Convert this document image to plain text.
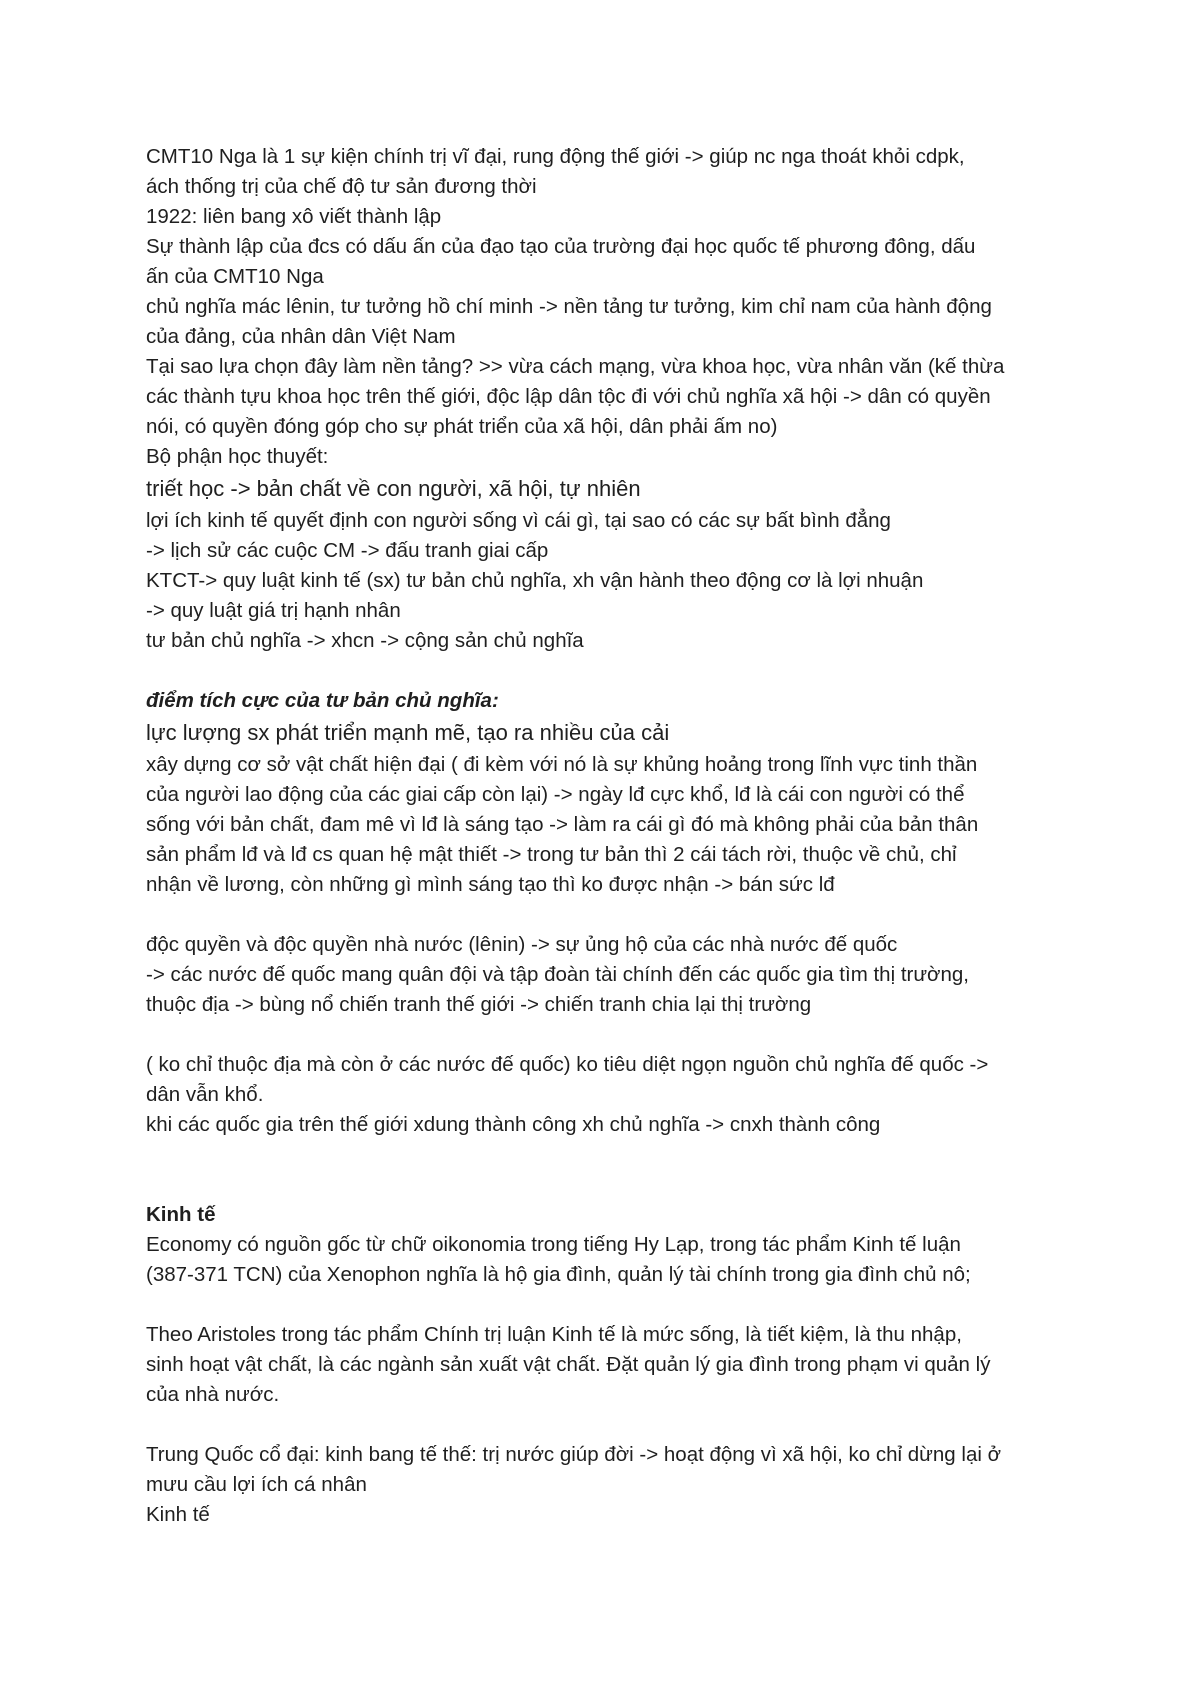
CMT10 Nga là 1 sự kiện chính trị vĩ đại, rung động thế giới -> giúp nc nga thoát khỏi cdpk,

ách thống trị của chế độ tư sản đương thời

1922: liên bang xô viết thành lập

Sự thành lập của đcs có dấu ấn của đạo tạo của trường đại học quốc tế phương đông, dấu

ấn của CMT10 Nga

chủ nghĩa mác lênin, tư tưởng hồ chí minh -> nền tảng tư tưởng, kim chỉ nam của hành động

của đảng, của nhân dân Việt Nam

Tại sao lựa chọn đây làm nền tảng? >> vừa cách mạng, vừa khoa học, vừa nhân văn (kế thừa

các thành tựu khoa học trên thế giới, độc lập dân tộc đi với chủ nghĩa xã hội -> dân có quyền

nói, có quyền đóng góp cho sự phát triển của xã hội, dân phải ấm no)

Bộ phận học thuyết:

triết học -> bản chất về con người, xã hội, tự nhiên

lợi ích kinh tế quyết định con người sống vì cái gì, tại sao có các sự bất bình đẳng

-> lịch sử các cuộc CM -> đấu tranh giai cấp

KTCT-> quy luật kinh tế (sx) tư bản chủ nghĩa, xh vận hành theo động cơ là lợi nhuận

-> quy luật giá trị hạnh nhân

tư bản chủ nghĩa -> xhcn -> cộng sản chủ nghĩa

điểm tích cực của tư bản chủ nghĩa:

lực lượng sx phát triển mạnh mẽ, tạo ra nhiều của cải

xây dựng cơ sở vật chất hiện đại ( đi kèm với nó là sự khủng hoảng trong lĩnh vực tinh thần

của người lao động của các giai cấp còn lại) -> ngày lđ cực khổ, lđ là cái con người có thể

sống với bản chất, đam mê vì lđ là sáng tạo -> làm ra cái gì đó mà không phải của bản thân

sản phẩm lđ và lđ cs quan hệ mật thiết -> trong tư bản thì 2 cái tách rời, thuộc về chủ, chỉ

nhận về lương, còn những gì mình sáng tạo thì ko được nhận -> bán sức lđ

độc quyền và độc quyền nhà nước (lênin) -> sự ủng hộ của các nhà nước đế quốc

-> các nước đế quốc mang quân đội và tập đoàn tài chính đến các quốc gia tìm thị trường,

thuộc địa -> bùng nổ chiến tranh thế giới -> chiến tranh chia lại thị trường

( ko chỉ thuộc địa mà còn ở các nước đế quốc) ko tiêu diệt ngọn nguồn chủ nghĩa đế quốc ->

dân vẫn khổ.

khi các quốc gia trên thế giới xdung thành công xh chủ nghĩa -> cnxh thành công

Kinh tế

Economy có nguồn gốc từ chữ oikonomia trong tiếng Hy Lạp, trong tác phẩm Kinh tế luận

(387-371 TCN) của Xenophon nghĩa là hộ gia đình, quản lý tài chính trong gia đình chủ nô;

Theo Aristoles trong tác phẩm Chính trị luận Kinh tế là mức sống, là tiết kiệm, là thu nhập,

sinh hoạt vật chất, là các ngành sản xuất vật chất. Đặt quản lý gia đình trong phạm vi quản lý

của nhà nước.

Trung Quốc cổ đại: kinh bang tế thế: trị nước giúp đời -> hoạt động vì xã hội, ko chỉ dừng lại ở

mưu cầu lợi ích cá nhân

Kinh tế
